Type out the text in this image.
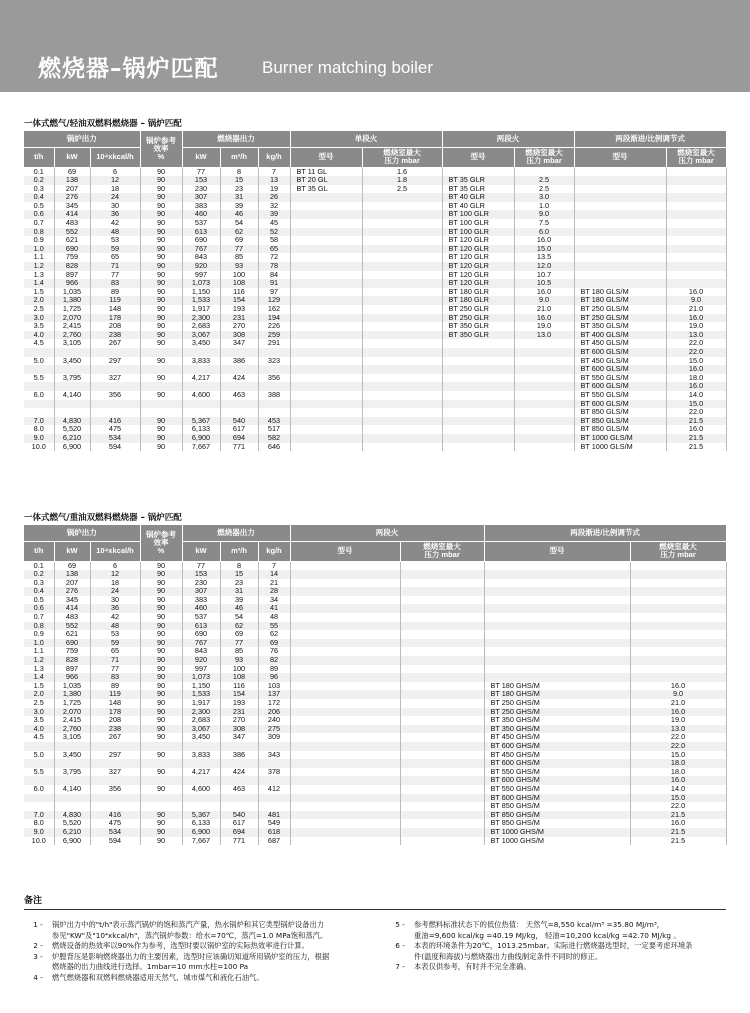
燃烧器–锅炉匹配	Burner matching boiler
一体式燃气/轻油双燃料燃烧器 – 锅炉匹配
锅炉出力			锅炉参考效率
%	燃烧器出力			单段火		两段火		两段渐进/比例调节式	
t/h	kW	10⁴xkcal/h		kW	m³/h	kg/h	型号	燃烧室最大
压力 mbar	型号	燃烧室最大
压力 mbar	型号	燃烧室最大
压力 mbar
0.1	69	6	90	77	8	7	BT 11 GL	1.6				
0.2	138	12	90	153	15	13	BT 20 GL	1.8	BT 35 GLR	2.5		
0.3	207	18	90	230	23	19	BT 35 GL	2.5	BT 35 GLR	2.5		
0.4	276	24	90	307	31	26			BT 40 GLR	3.0		
0.5	345	30	90	383	39	32			BT 40 GLR	1.0		
0.6	414	36	90	460	46	39			BT 100 GLR	9.0		
0.7	483	42	90	537	54	45			BT 100 GLR	7.5		
0.8	552	48	90	613	62	52			BT 100 GLR	6.0		
0.9	621	53	90	690	69	58			BT 120 GLR	16.0		
1.0	690	59	90	767	77	65			BT 120 GLR	15.0		
1.1	759	65	90	843	85	72			BT 120 GLR	13.5		
1.2	828	71	90	920	93	78			BT 120 GLR	12.0		
1.3	897	77	90	997	100	84			BT 120 GLR	10.7		
1.4	966	83	90	1,073	108	91			BT 120 GLR	10.5		
1.5	1,035	89	90	1,150	116	97			BT 180 GLR	16.0	BT 180 GLS/M	16.0
2.0	1,380	119	90	1,533	154	129			BT 180 GLR	9.0	BT 180 GLS/M	9.0
2.5	1,725	148	90	1,917	193	162			BT 250 GLR	21.0	BT 250 GLS/M	21.0
3.0	2,070	178	90	2,300	231	194			BT 250 GLR	16.0	BT 250 GLS/M	16.0
3.5	2,415	208	90	2,683	270	226			BT 350 GLR	19.0	BT 350 GLS/M	19.0
4.0	2,760	238	90	3,067	308	259			BT 350 GLR	13.0	BT 400 GLS/M	13.0
4.5	3,105	267	90	3,450	347	291					BT 450 GLS/M	22.0
											BT 600 GLS/M	22.0
5.0	3,450	297	90	3,833	386	323					BT 450 GLS/M	15.0
											BT 600 GLS/M	16.0
5.5	3,795	327	90	4,217	424	356					BT 550 GLS/M	18.0
											BT 600 GLS/M	16.0
6.0	4,140	356	90	4,600	463	388					BT 550 GLS/M	14.0
											BT 600 GLS/M	15.0
											BT 850 GLS/M	22.0
7.0	4,830	416	90	5,367	540	453					BT 850 GLS/M	21.5
8.0	5,520	475	90	6,133	617	517					BT 850 GLS/M	16.0
9.0	6,210	534	90	6,900	694	582					BT 1000 GLS/M	21.5
10.0	6,900	594	90	7,667	771	646					BT 1000 GLS/M	21.5
一体式燃气/重油双燃料燃烧器 – 锅炉匹配
锅炉出力			锅炉参考效率
%	燃烧器出力			两段火		两段渐进/比例调节式	
t/h	kW	10⁴xkcal/h		kW	m³/h	kg/h	型号	燃烧室最大
压力 mbar	型号	燃烧室最大
压力 mbar
0.1	69	6	90	77	8	7				
0.2	138	12	90	153	15	14				
0.3	207	18	90	230	23	21				
0.4	276	24	90	307	31	28				
0.5	345	30	90	383	39	34				
0.6	414	36	90	460	46	41				
0.7	483	42	90	537	54	48				
0.8	552	48	90	613	62	55				
0.9	621	53	90	690	69	62				
1.0	690	59	90	767	77	69				
1.1	759	65	90	843	85	76				
1.2	828	71	90	920	93	82				
1.3	897	77	90	997	100	89				
1.4	966	83	90	1,073	108	96				
1.5	1,035	89	90	1,150	116	103			BT 180 GHS/M	16.0
2.0	1,380	119	90	1,533	154	137			BT 180 GHS/M	9.0
2.5	1,725	148	90	1,917	193	172			BT 250 GHS/M	21.0
3.0	2,070	178	90	2,300	231	206			BT 250 GHS/M	16.0
3.5	2,415	208	90	2,683	270	240			BT 350 GHS/M	19.0
4.0	2,760	238	90	3,067	308	275			BT 350 GHS/M	13.0
4.5	3,105	267	90	3,450	347	309			BT 450 GHS/M	22.0
									BT 600 GHS/M	22.0
5.0	3,450	297	90	3,833	386	343			BT 450 GHS/M	15.0
									BT 600 GHS/M	18.0
5.5	3,795	327	90	4,217	424	378			BT 550 GHS/M	18.0
									BT 600 GHS/M	16.0
6.0	4,140	356	90	4,600	463	412			BT 550 GHS/M	14.0
									BT 600 GHS/M	15.0
									BT 850 GHS/M	22.0
7.0	4,830	416	90	5,367	540	481			BT 850 GHS/M	21.5
8.0	5,520	475	90	6,133	617	549			BT 850 GHS/M	16.0
9.0	6,210	534	90	6,900	694	618			BT 1000 GHS/M	21.5
10.0	6,900	594	90	7,667	771	687			BT 1000 GHS/M	21.5
备注
1 -	锅炉出力中的"t/h"表示蒸汽锅炉的饱和蒸汽产量，热水锅炉和其它类型锅炉设备出力
参见"KW"及"10⁴xkcal/h"，蒸汽锅炉参数：给水=70℃，蒸汽=1.0 MPa饱和蒸汽。
2 -	燃烧设备的热效率以90%作为参考，选型时要以锅炉室的实际热效率进行计算。
3 -	炉膛背压是影响燃烧器出力的主要因素，选型时应该确切知道所用锅炉室的压力，根据
燃烧器的出力曲线进行选择。1mbar=10 mm水柱=100 Pa
4 -	燃气燃烧器和双燃料燃烧器适用天然气、城市煤气和液化石油气。
5 -	参考燃料标准状态下的低位热值： 天然气=8,550 kcal/m³ =35.80 MJ/m³，
重油=9,600 kcal/kg =40.19 MJ/kg， 轻油=10,200 kcal/kg =42.70 MJ/kg 。
6 -	本表的环境条件为20℃，1013.25mbar。实际进行燃烧器选型时，一定要考虑环境条
件(温度和海拔)与燃烧器出力曲线制定条件不同时的修正。
7 -	本表仅供参考，有时并不完全准确。
